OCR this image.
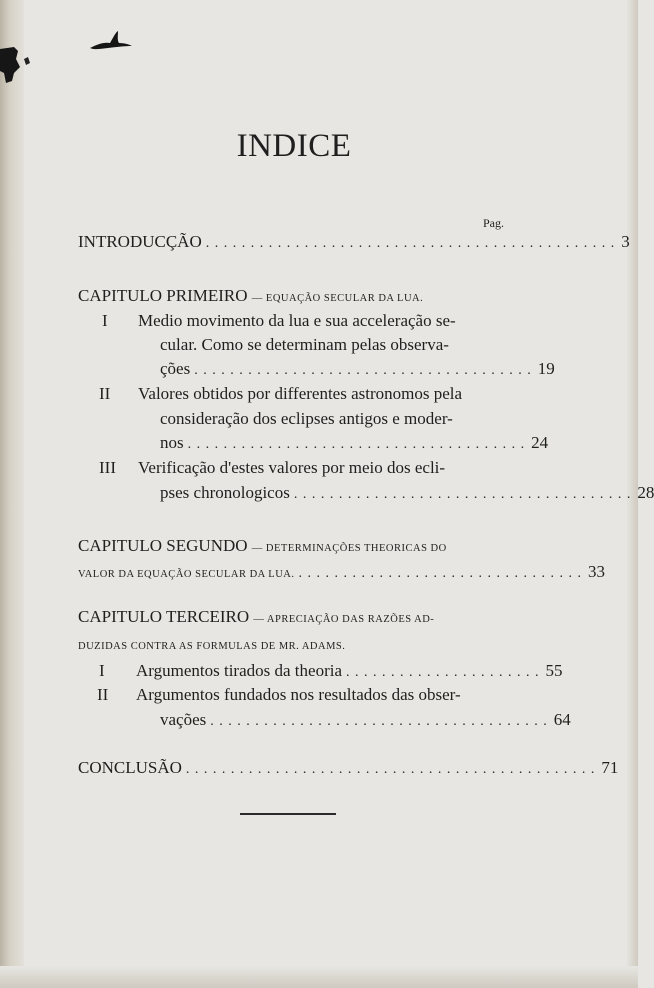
INDICE
Pag.
INTRODUCÇÃO . . . . . . . . . . . . . . . . . . . . . . . . . . . . . . . . . . . . . . . . . . . . . . 3
CAPITULO PRIMEIRO — EQUAÇÃO SECULAR DA LUA.
I Medio movimento da lua e sua acceleração se-
cular. Como se determinam pelas observa-
ções . . . . . . . . . . . . . . . . . . . . . . . . . . . . . . . . . . . . . . 19
II Valores obtidos por differentes astronomos pela
consideração dos eclipses antigos e moder-
nos . . . . . . . . . . . . . . . . . . . . . . . . . . . . . . . . . . . . . . 24
III Verificação d'estes valores por meio dos ecli-
pses chronologicos . . . . . . . . . . . . . . . . . . . . . . . . . . . . . . . . . . . . . . 28
CAPITULO SEGUNDO — DETERMINAÇÕES THEORICAS DO
VALOR DA EQUAÇÃO SECULAR DA LUA. . . . . . . . . . . . . . . . . . . . . . . . . . . . . . . . . 33
CAPITULO TERCEIRO — APRECIAÇÃO DAS RAZÕES AD-
DUZIDAS CONTRA AS FORMULAS DE MR. ADAMS.
I Argumentos tirados da theoria . . . . . . . . . . . . . . . . . . . . . . 55
II Argumentos fundados nos resultados das obser-
vações . . . . . . . . . . . . . . . . . . . . . . . . . . . . . . . . . . . . . . 64
CONCLUSÃO . . . . . . . . . . . . . . . . . . . . . . . . . . . . . . . . . . . . . . . . . . . . . . 71
